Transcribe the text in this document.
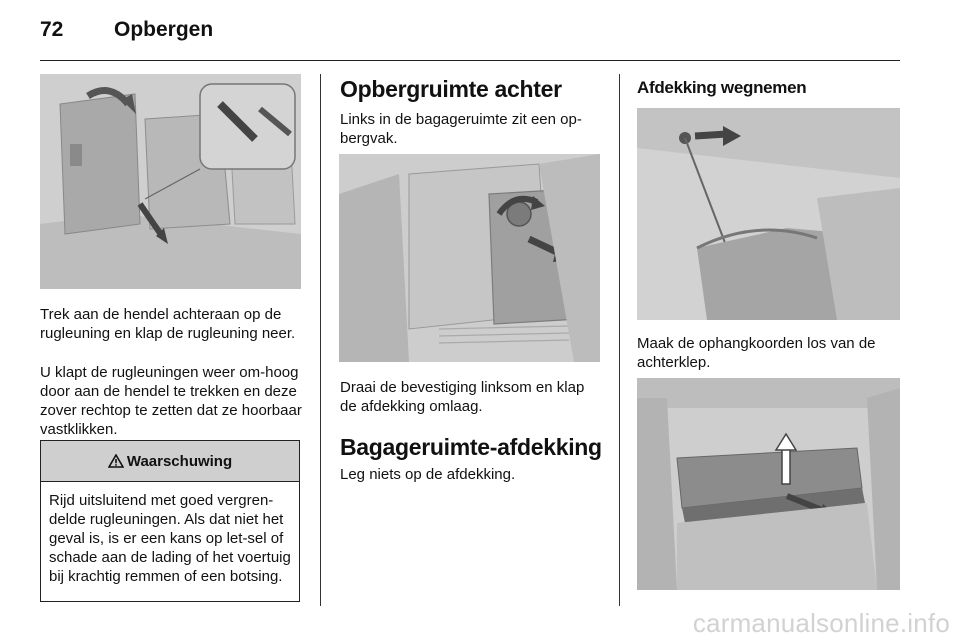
72 Opbergen

Trek aan de hendel achteraan op de rugleuning en klap de rugleuning neer.

U klapt de rugleuningen weer om-hoog door aan de hendel te trekken en deze zover rechtop te zetten dat ze hoorbaar vastklikken.

Waarschuwing
Rijd uitsluitend met goed vergren-delde rugleuningen. Als dat niet het geval is, is er een kans op let-sel of schade aan de lading of het voertuig bij krachtig remmen of een botsing.
Opbergruimte achter

Links in de bagageruimte zit een op-bergvak.

Draai de bevestiging linksom en klap de afdekking omlaag.

Bagageruimte-afdekking

Leg niets op de afdekking.

Afdekking wegnemen

Maak de ophangkoorden los van de achterklep.

carmanualsonline.info
